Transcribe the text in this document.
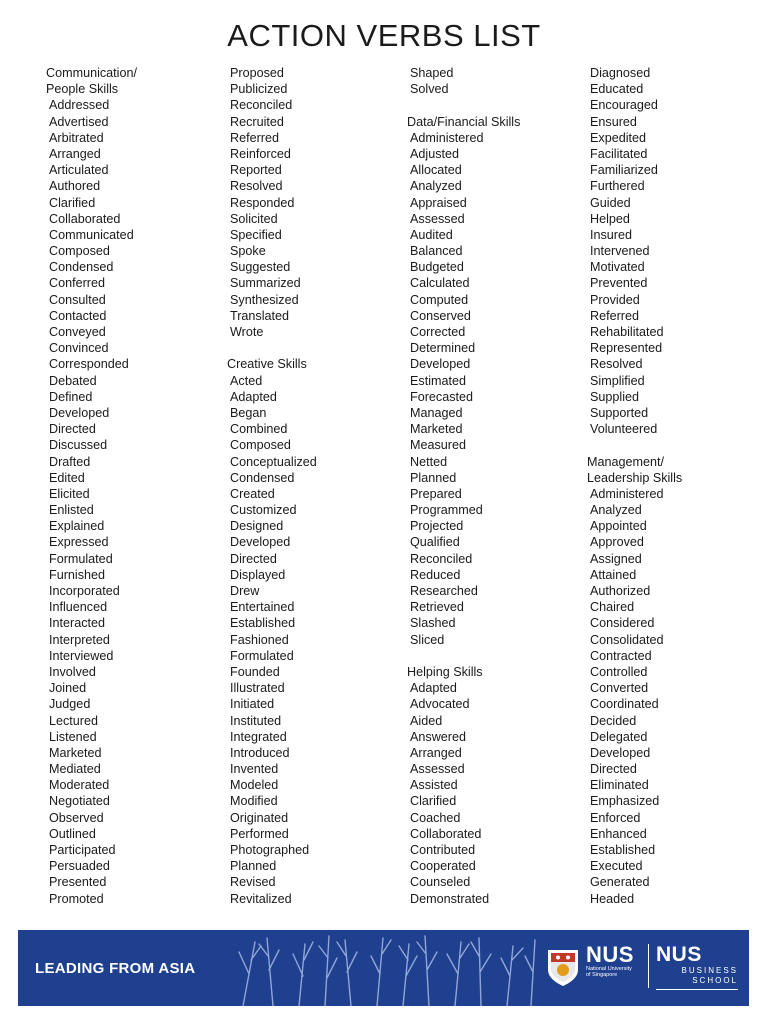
ACTION VERBS LIST
Communication/
People Skills
Addressed
Advertised
Arbitrated
Arranged
Articulated
Authored
Clarified
Collaborated
Communicated
Composed
Condensed
Conferred
Consulted
Contacted
Conveyed
Convinced
Corresponded
Debated
Defined
Developed
Directed
Discussed
Drafted
Edited
Elicited
Enlisted
Explained
Expressed
Formulated
Furnished
Incorporated
Influenced
Interacted
Interpreted
Interviewed
Involved
Joined
Judged
Lectured
Listened
Marketed
Mediated
Moderated
Negotiated
Observed
Outlined
Participated
Persuaded
Presented
Promoted
Proposed
Publicized
Reconciled
Recruited
Referred
Reinforced
Reported
Resolved
Responded
Solicited
Specified
Spoke
Suggested
Summarized
Synthesized
Translated
Wrote
Creative Skills
Acted
Adapted
Began
Combined
Composed
Conceptualized
Condensed
Created
Customized
Designed
Developed
Directed
Displayed
Drew
Entertained
Established
Fashioned
Formulated
Founded
Illustrated
Initiated
Instituted
Integrated
Introduced
Invented
Modeled
Modified
Originated
Performed
Photographed
Planned
Revised
Revitalized
Shaped
Solved
Data/Financial Skills
Administered
Adjusted
Allocated
Analyzed
Appraised
Assessed
Audited
Balanced
Budgeted
Calculated
Computed
Conserved
Corrected
Determined
Developed
Estimated
Forecasted
Managed
Marketed
Measured
Netted
Planned
Prepared
Programmed
Projected
Qualified
Reconciled
Reduced
Researched
Retrieved
Slashed
Sliced
Helping Skills
Adapted
Advocated
Aided
Answered
Arranged
Assessed
Assisted
Clarified
Coached
Collaborated
Contributed
Cooperated
Counseled
Demonstrated
Diagnosed
Educated
Encouraged
Ensured
Expedited
Facilitated
Familiarized
Furthered
Guided
Helped
Insured
Intervened
Motivated
Prevented
Provided
Referred
Rehabilitated
Represented
Resolved
Simplified
Supplied
Supported
Volunteered
Management/
Leadership Skills
Administered
Analyzed
Appointed
Approved
Assigned
Attained
Authorized
Chaired
Considered
Consolidated
Contracted
Controlled
Converted
Coordinated
Decided
Delegated
Developed
Directed
Eliminated
Emphasized
Enforced
Enhanced
Established
Executed
Generated
Headed
LEADING FROM ASIA
NUS
National University
of Singapore
NUS
BUSINESS
SCHOOL
